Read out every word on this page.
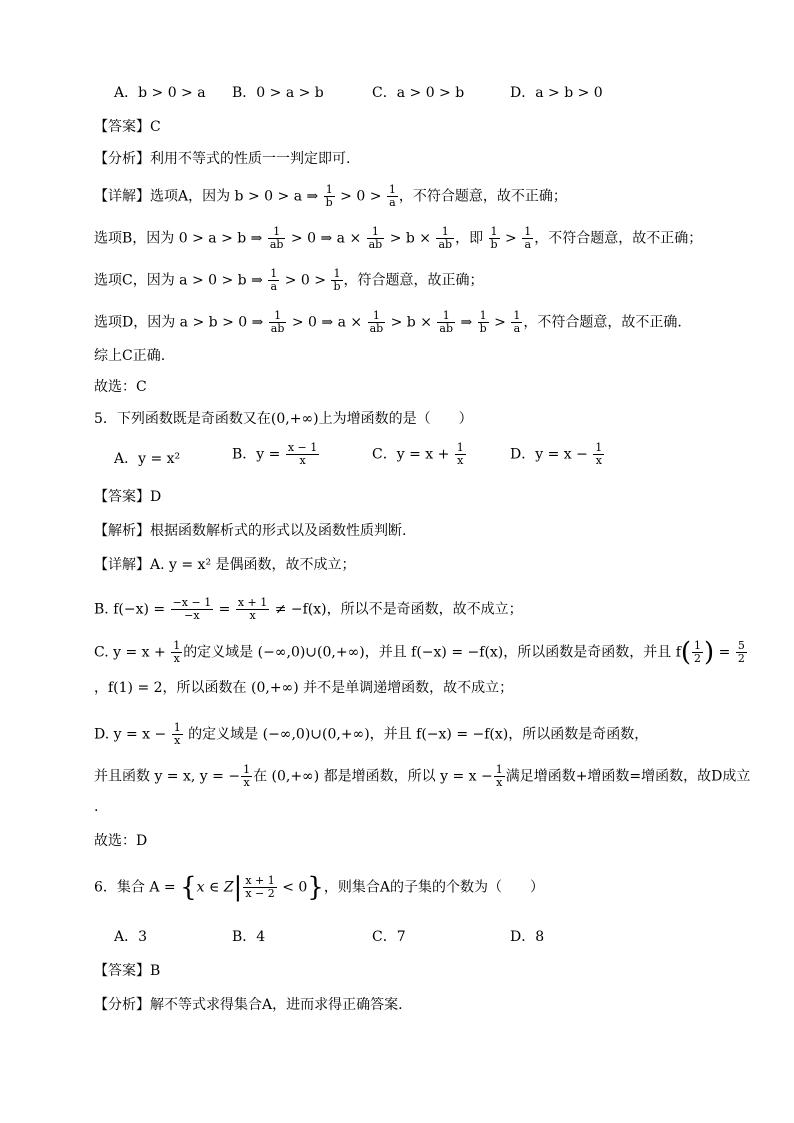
A．b > 0 > a B．0 > a > b	C．a > 0 > b	D．a > b > 0
【答案】C
【分析】利用不等式的性质一一判定即可.
【详解】选项A，因为 b > 0 > a ⇒ $\frac{1}{b} > 0 > \frac{1}{a}$ ，不符合题意，故不正确；
选项B，因为 0 > a > b ⇒ $\frac{1}{ab} > 0$ ⇒ $a \times \frac{1}{ab} > b \times \frac{1}{ab}$ ，即 $\frac{1}{b} > \frac{1}{a}$ ，不符合题意，故不正确；
选项C，因为 a > 0 > b ⇒ $\frac{1}{a} > 0 > \frac{1}{b}$ ，符合题意，故正确；
选项D，因为 a > b > 0 ⇒ $\frac{1}{ab} > 0$ ⇒ $a \times \frac{1}{ab} > b \times \frac{1}{ab}$ ⇒ $\frac{1}{b} > \frac{1}{a}$ ，不符合题意，故不正确.
综上C正确.
故选：C
5．下列函数既是奇函数又在(0,+∞)上为增函数的是（　　）
A．y = x²	B．$y = \frac{x - 1}{x}$	C．$y = x + \frac{1}{x}$	D．$y = x - \frac{1}{x}$
【答案】D
【解析】根据函数解析式的形式以及函数性质判断.
【详解】A. y = x² 是偶函数，故不成立；
B. $f(-x) = \frac{-x - 1}{-x} = \frac{x + 1}{x} \ne -f(x)$，所以不是奇函数，故不成立；
C. $y = x + \frac{1}{x}$ 的定义域是 (−∞,0)∪(0,+∞)，并且 f(−x) = −f(x)，所以函数是奇函数，并且 $f( \frac{1}{2}$ ) = $\frac{5}{2}$
，f(1) = 2，所以函数在 (0,+∞) 并不是单调递增函数，故不成立；
D. $y = x - \frac{1}{x}$ 的定义域是 (−∞,0)∪(0,+∞)，并且 f(−x) = −f(x)，所以函数是奇函数，
并且函数 y = x, y = − $\frac{1}{x}$ 在 (0,+∞) 都是增函数，所以 $y = x - \frac{1}{x}$ 满足增函数+增函数=增函数，故D成立
.
故选：D
6．集合 A = {x ∈ $Z| \frac{x + 1}{x - 2} < 0$}，则集合A的子集的个数为（　　）
A．3	B．4	C．7	D．8
【答案】B
【分析】解不等式求得集合A，进而求得正确答案.
